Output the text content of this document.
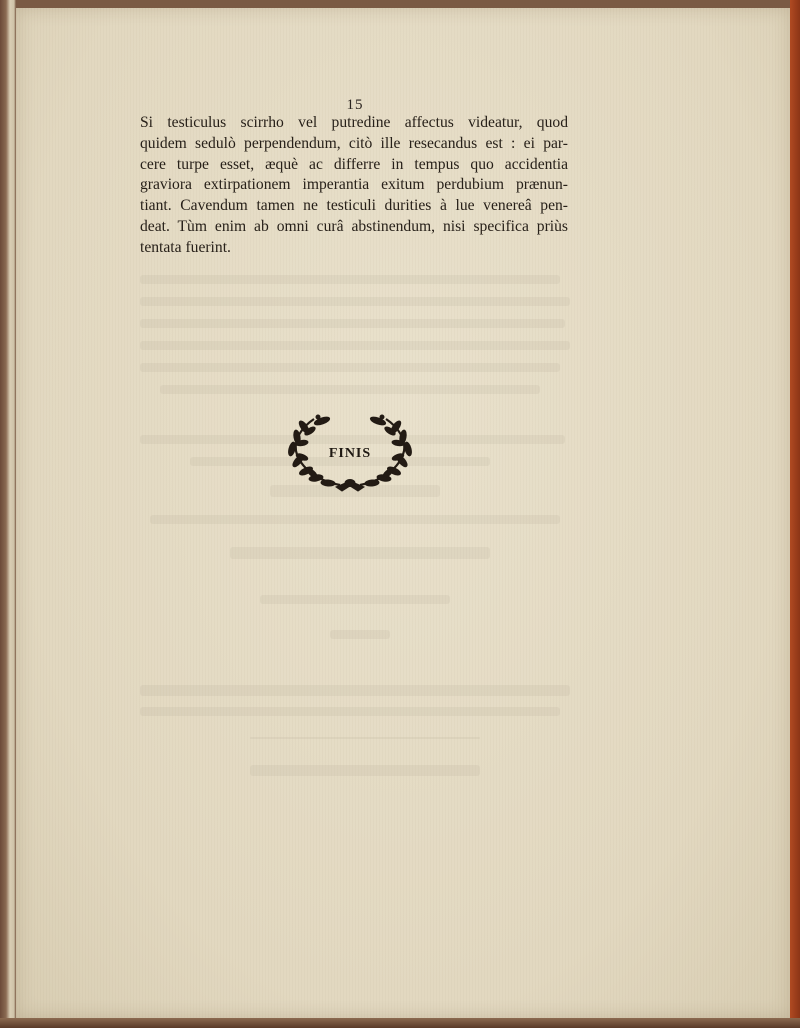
15
Si testiculus scirrho vel putredine affectus videatur, quod
quidem sedulò perpendendum, citò ille resecandus est : ei par-
cere turpe esset, æquè ac differre in tempus quo accidentia
graviora extirpationem imperantia exitum perdubium prænun-
tiant. Cavendum tamen ne testiculi durities à lue venereâ pen-
deat. Tùm enim ab omni curâ abstinendum, nisi specifica priùs
tentata fuerint.
FINIS
